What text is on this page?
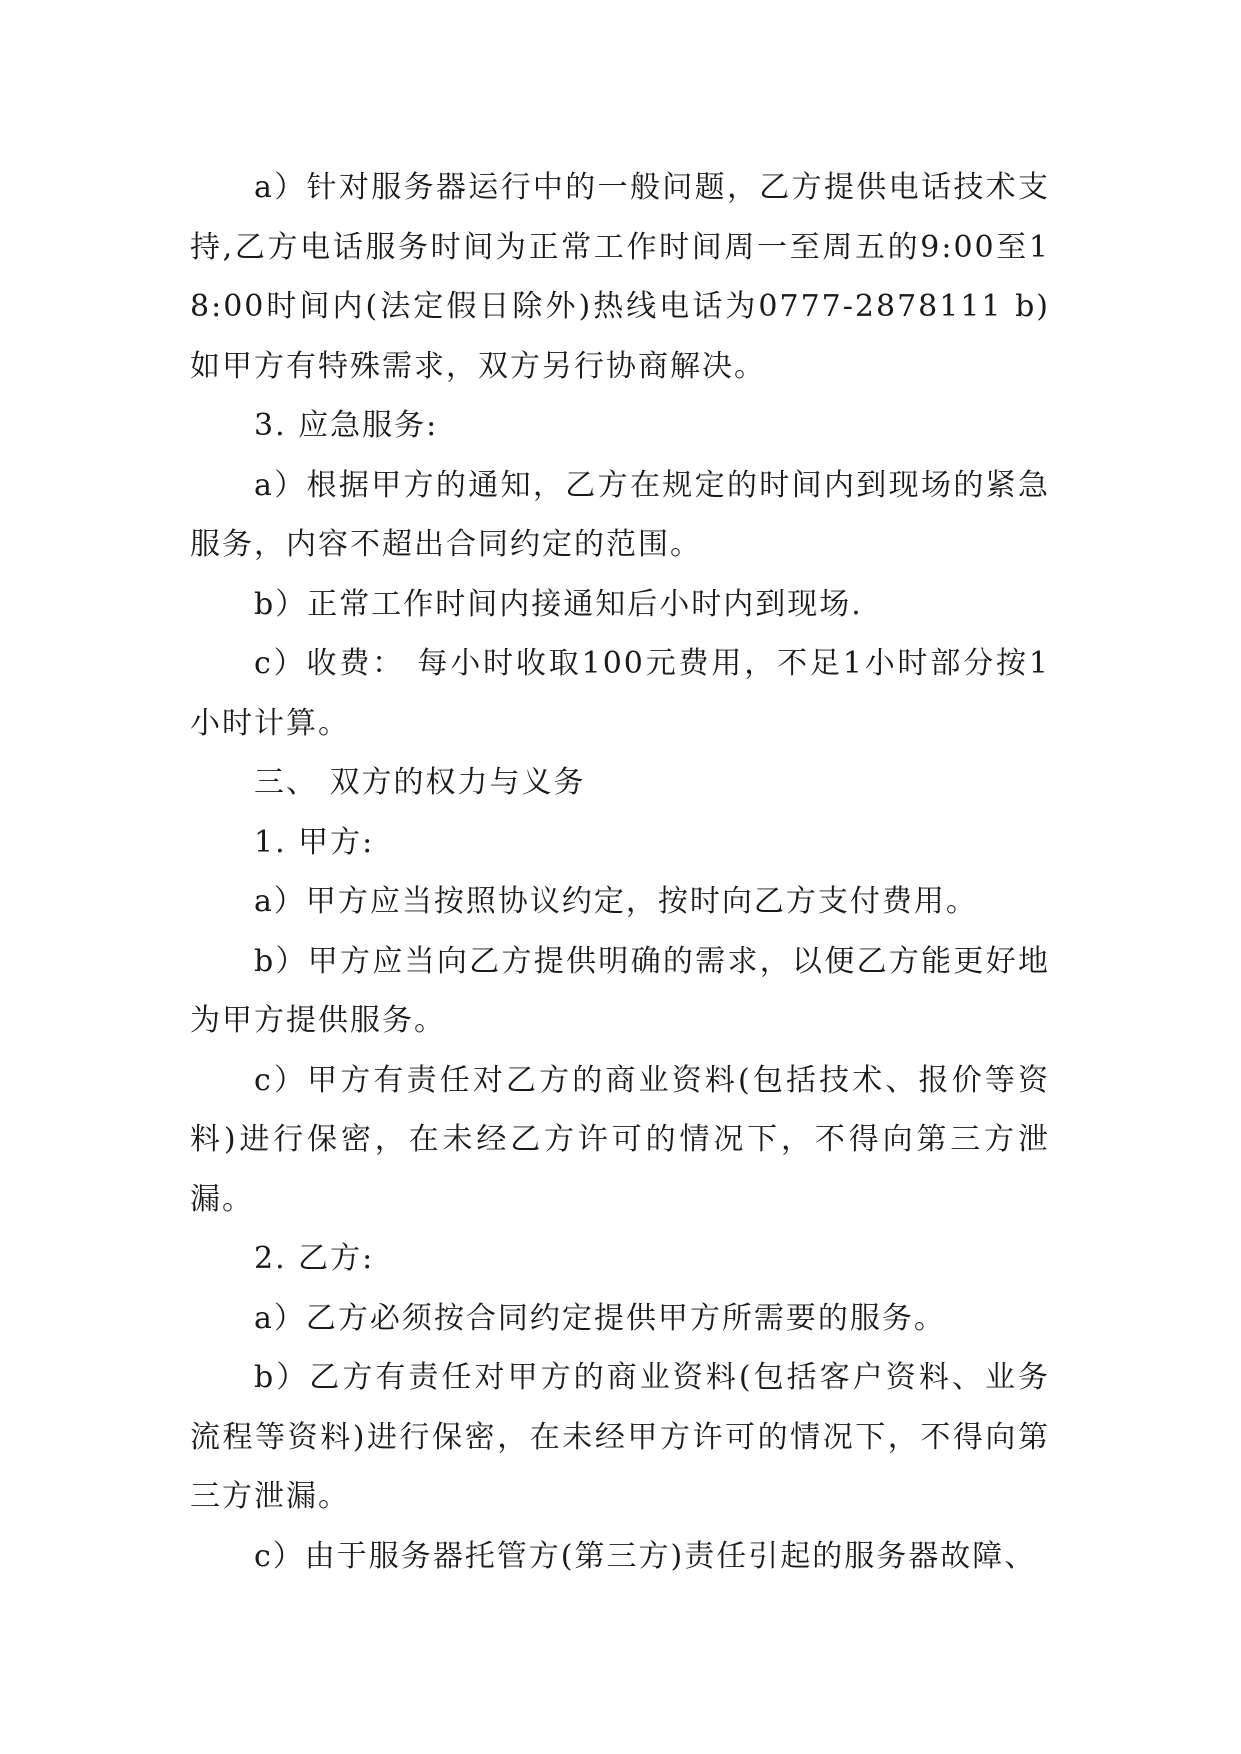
a）针对服务器运行中的一般问题，乙方提供电话技术支持,乙方电话服务时间为正常工作时间周一至周五的9:00至18:00时间内(法定假日除外)热线电话为0777-2878111 b)如甲方有特殊需求，双方另行协商解决。

3. 应急服务:

a）根据甲方的通知，乙方在规定的时间内到现场的紧急服务，内容不超出合同约定的范围。

b）正常工作时间内接通知后小时内到现场.

c）收费： 每小时收取100元费用，不足1小时部分按1小时计算。

三、 双方的权力与义务

1. 甲方:

a）甲方应当按照协议约定，按时向乙方支付费用。

b）甲方应当向乙方提供明确的需求，以便乙方能更好地为甲方提供服务。

c）甲方有责任对乙方的商业资料(包括技术、报价等资料)进行保密，在未经乙方许可的情况下，不得向第三方泄漏。

2. 乙方:

a）乙方必须按合同约定提供甲方所需要的服务。

b）乙方有责任对甲方的商业资料(包括客户资料、业务流程等资料)进行保密，在未经甲方许可的情况下，不得向第三方泄漏。

c）由于服务器托管方(第三方)责任引起的服务器故障、
